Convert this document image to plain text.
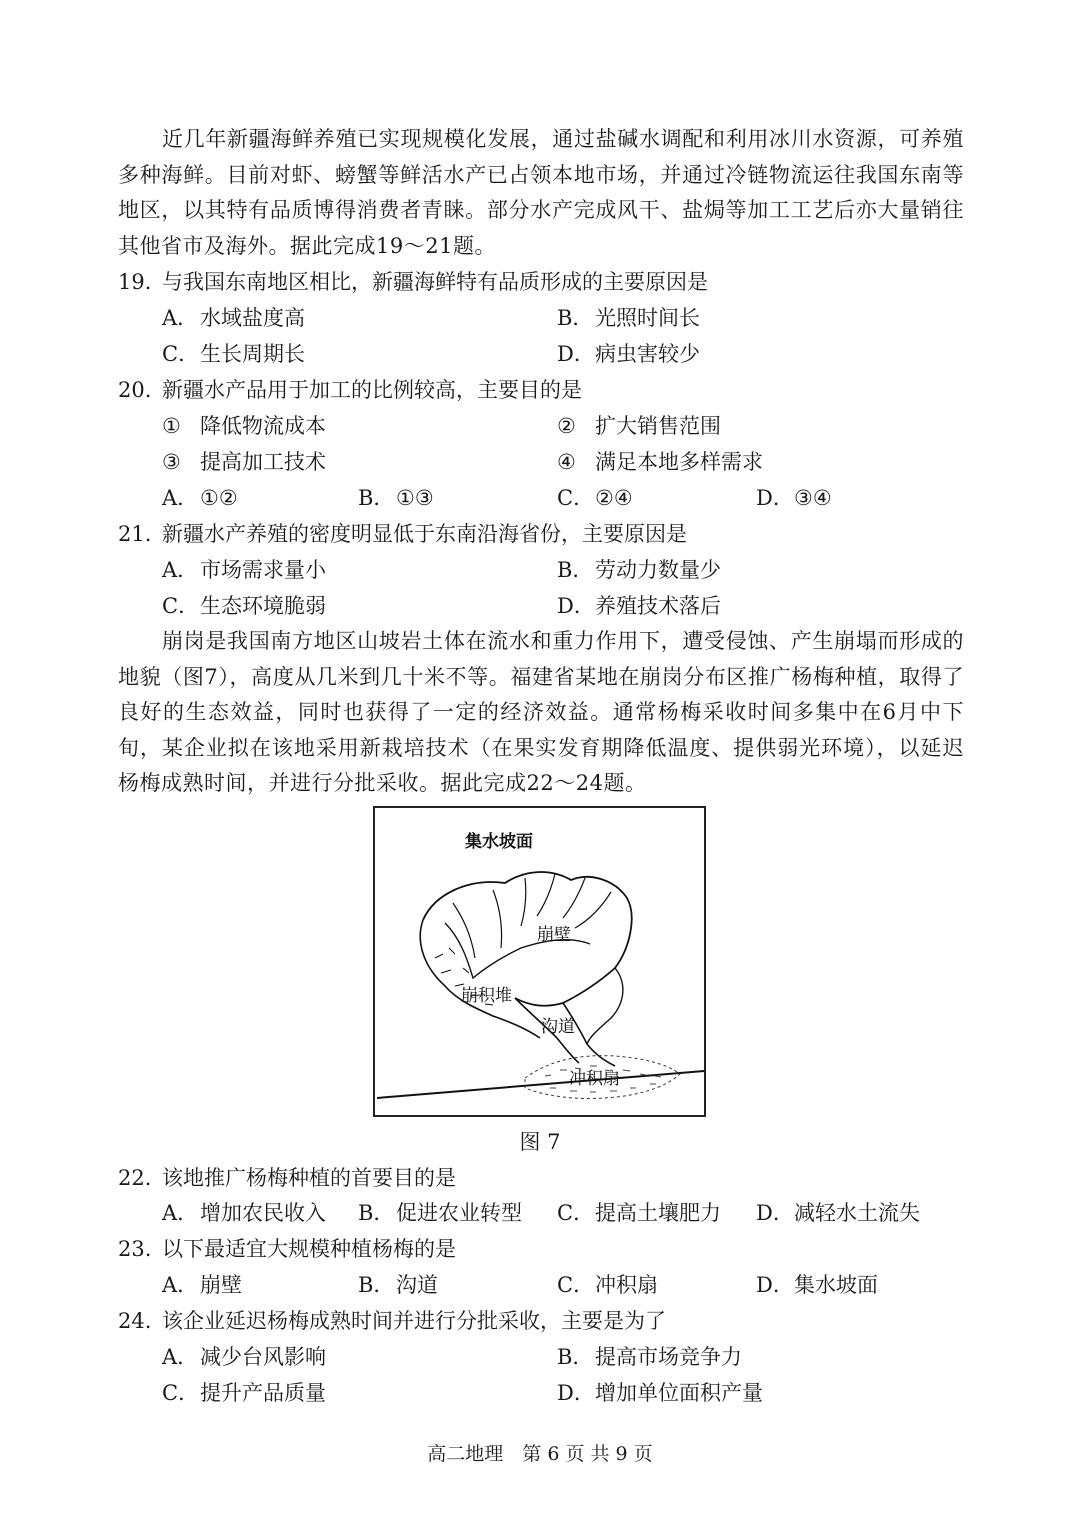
近几年新疆海鲜养殖已实现规模化发展，通过盐碱水调配和利用冰川水资源，可养殖多种海鲜。目前对虾、螃蟹等鲜活水产已占领本地市场，并通过冷链物流运往我国东南等地区，以其特有品质博得消费者青睐。部分水产完成风干、盐焗等加工工艺后亦大量销往其他省市及海外。据此完成19～21题。

19. 与我国东南地区相比，新疆海鲜特有品质形成的主要原因是
A．水域盐度高	B．光照时间长
C．生长周期长	D．病虫害较少
20. 新疆水产品用于加工的比例较高，主要目的是
① 降低物流成本	② 扩大销售范围
③ 提高加工技术	④ 满足本地多样需求
A．①②	B．①③	C．②④	D．③④
21. 新疆水产养殖的密度明显低于东南沿海省份，主要原因是
A．市场需求量小	B．劳动力数量少
C．生态环境脆弱	D．养殖技术落后

崩岗是我国南方地区山坡岩土体在流水和重力作用下，遭受侵蚀、产生崩塌而形成的地貌（图7），高度从几米到几十米不等。福建省某地在崩岗分布区推广杨梅种植，取得了良好的生态效益，同时也获得了一定的经济效益。通常杨梅采收时间多集中在6月中下旬，某企业拟在该地采用新栽培技术（在果实发育期降低温度、提供弱光环境），以延迟杨梅成熟时间，并进行分批采收。据此完成22～24题。

集水坡面
崩壁
崩积堆
沟道
冲积扇
图 7
22. 该地推广杨梅种植的首要目的是
A．增加农民收入 B．促进农业转型 C．提高土壤肥力 D．减轻水土流失
23. 以下最适宜大规模种植杨梅的是
A．崩壁	B．沟道	C．冲积扇	D．集水坡面
24. 该企业延迟杨梅成熟时间并进行分批采收，主要是为了
A．减少台风影响	B．提高市场竞争力
C．提升产品质量	D．增加单位面积产量
高二地理　第 6 页 共 9 页
